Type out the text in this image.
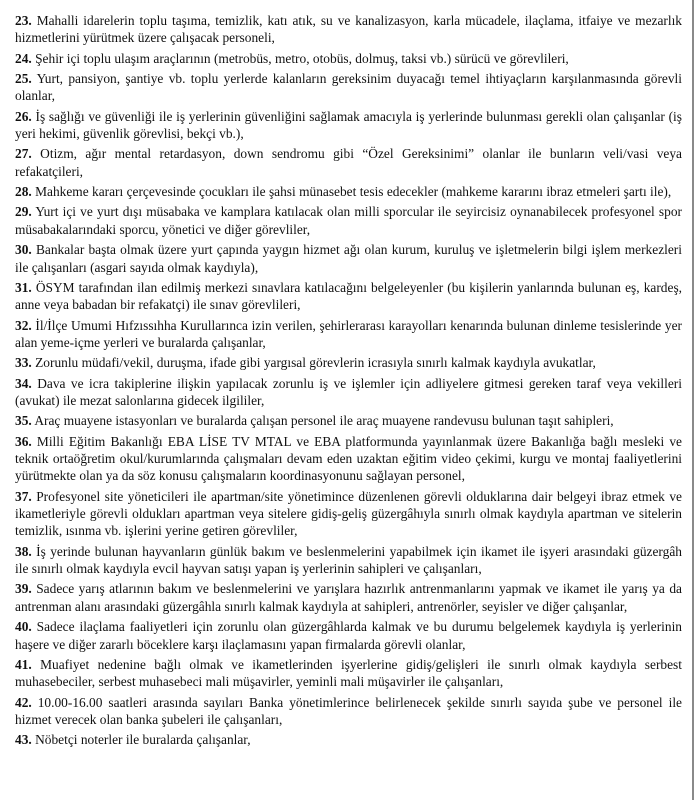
23. Mahalli idarelerin toplu taşıma, temizlik, katı atık, su ve kanalizasyon, karla mücadele, ilaçlama, itfaiye ve mezarlık hizmetlerini yürütmek üzere çalışacak personeli,

24. Şehir içi toplu ulaşım araçlarının (metrobüs, metro, otobüs, dolmuş, taksi vb.) sürücü ve görevlileri,

25. Yurt, pansiyon, şantiye vb. toplu yerlerde kalanların gereksinim duyacağı temel ihtiyaçların karşılanmasında görevli olanlar,

26. İş sağlığı ve güvenliği ile iş yerlerinin güvenliğini sağlamak amacıyla iş yerlerinde bulunması gerekli olan çalışanlar (iş yeri hekimi, güvenlik görevlisi, bekçi vb.),

27. Otizm, ağır mental retardasyon, down sendromu gibi “Özel Gereksinimi” olanlar ile bunların veli/vasi veya refakatçileri,

28. Mahkeme kararı çerçevesinde çocukları ile şahsi münasebet tesis edecekler (mahkeme kararını ibraz etmeleri şartı ile),

29. Yurt içi ve yurt dışı müsabaka ve kamplara katılacak olan milli sporcular ile seyircisiz oynanabilecek profesyonel spor müsabakalarındaki sporcu, yönetici ve diğer görevliler,

30. Bankalar başta olmak üzere yurt çapında yaygın hizmet ağı olan kurum, kuruluş ve işletmelerin bilgi işlem merkezleri ile çalışanları (asgari sayıda olmak kaydıyla),

31. ÖSYM tarafından ilan edilmiş merkezi sınavlara katılacağını belgeleyenler (bu kişilerin yanlarında bulunan eş, kardeş, anne veya babadan bir refakatçi) ile sınav görevlileri,

32. İl/İlçe Umumi Hıfzıssıhha Kurullarınca izin verilen, şehirlerarası karayolları kenarında bulunan dinleme tesislerinde yer alan yeme-içme yerleri ve buralarda çalışanlar,

33. Zorunlu müdafi/vekil, duruşma, ifade gibi yargısal görevlerin icrasıyla sınırlı kalmak kaydıyla avukatlar,

34. Dava ve icra takiplerine ilişkin yapılacak zorunlu iş ve işlemler için adliyelere gitmesi gereken taraf veya vekilleri (avukat) ile mezat salonlarına gidecek ilgililer,

35. Araç muayene istasyonları ve buralarda çalışan personel ile araç muayene randevusu bulunan taşıt sahipleri,

36. Milli Eğitim Bakanlığı EBA LİSE TV MTAL ve EBA platformunda yayınlanmak üzere Bakanlığa bağlı mesleki ve teknik ortaöğretim okul/kurumlarında çalışmaları devam eden uzaktan eğitim video çekimi, kurgu ve montaj faaliyetlerini yürütmekte olan ya da söz konusu çalışmaların koordinasyonunu sağlayan personel,

37. Profesyonel site yöneticileri ile apartman/site yönetimince düzenlenen görevli olduklarına dair belgeyi ibraz etmek ve ikametleriyle görevli oldukları apartman veya sitelere gidiş-geliş güzergâhıyla sınırlı olmak kaydıyla apartman ve sitelerin temizlik, ısınma vb. işlerini yerine getiren görevliler,

38. İş yerinde bulunan hayvanların günlük bakım ve beslenmelerini yapabilmek için ikamet ile işyeri arasındaki güzergâh ile sınırlı olmak kaydıyla evcil hayvan satışı yapan iş yerlerinin sahipleri ve çalışanları,

39. Sadece yarış atlarının bakım ve beslenmelerini ve yarışlara hazırlık antrenmanlarını yapmak ve ikamet ile yarış ya da antrenman alanı arasındaki güzergâhla sınırlı kalmak kaydıyla at sahipleri, antrenörler, seyisler ve diğer çalışanlar,

40. Sadece ilaçlama faaliyetleri için zorunlu olan güzergâhlarda kalmak ve bu durumu belgelemek kaydıyla iş yerlerinin haşere ve diğer zararlı böceklere karşı ilaçlamasını yapan firmalarda görevli olanlar,

41. Muafiyet nedenine bağlı olmak ve ikametlerinden işyerlerine gidiş/gelişleri ile sınırlı olmak kaydıyla serbest muhasebeciler, serbest muhasebeci mali müşavirler, yeminli mali müşavirler ile çalışanları,

42. 10.00-16.00 saatleri arasında sayıları Banka yönetimlerince belirlenecek şekilde sınırlı sayıda şube ve personel ile hizmet verecek olan banka şubeleri ile çalışanları,

43. Nöbetçi noterler ile buralarda çalışanlar,
